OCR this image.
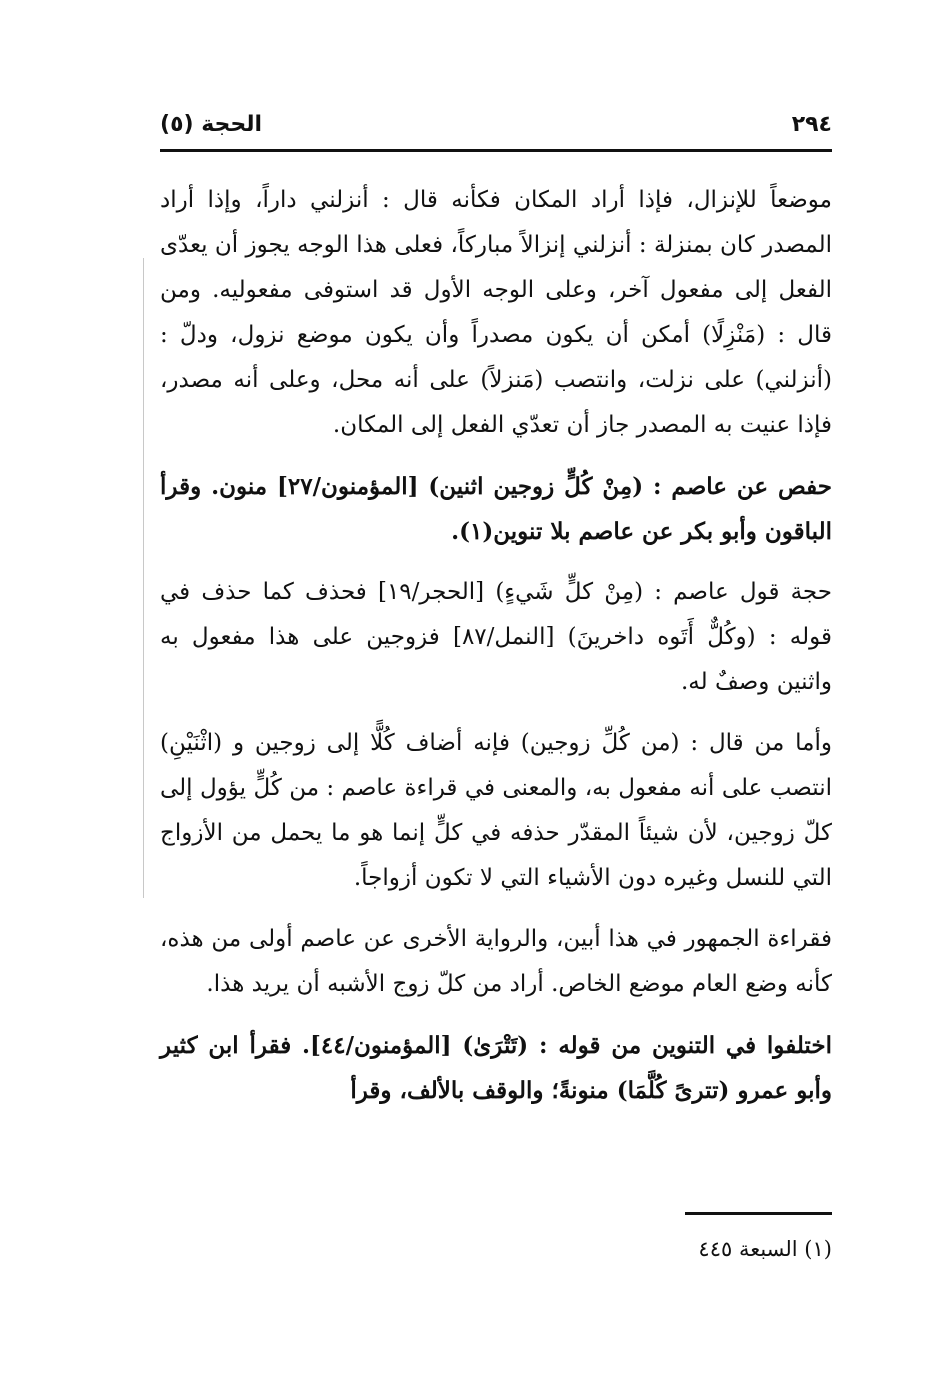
٢٩٤
الحجة (٥)

موضعاً للإنزال، فإذا أراد المكان فكأنه قال : أنزلني داراً، وإذا أراد المصدر كان بمنزلة : أنزلني إنزالاً مباركاً، فعلى هذا الوجه يجوز أن يعدّى الفعل إلى مفعول آخر، وعلى الوجه الأول قد استوفى مفعوليه. ومن قال : (مَنْزِلًا) أمكن أن يكون مصدراً وأن يكون موضع نزول، ودلّ : (أنزلني) على نزلت، وانتصب (مَنزلاً) على أنه محل، وعلى أنه مصدر، فإذا عنيت به المصدر جاز أن تعدّي الفعل إلى المكان.

حفص عن عاصم : (مِنْ كُلٍّ زوجين اثنين) [المؤمنون/٢٧] منون. وقرأ الباقون وأبو بكر عن عاصم بلا تنوين(١).

حجة قول عاصم : (مِنْ كلٍّ شَيءٍ) [الحجر/١٩] فحذف كما حذف في قوله : (وكُلٌّ أَتَوه داخرينَ) [النمل/٨٧] فزوجين على هذا مفعول به واثنين وصفٌ له.

وأما من قال : (من كُلِّ زوجين) فإنه أضاف كُلًّا إلى زوجين و (اثْنَيْنِ) انتصب على أنه مفعول به، والمعنى في قراءة عاصم : من كُلٍّ يؤول إلى كلّ زوجين، لأن شيئاً المقدّر حذفه في كلٍّ إنما هو ما يحمل من الأزواج التي للنسل وغيره دون الأشياء التي لا تكون أزواجاً.

فقراءة الجمهور في هذا أبين، والرواية الأخرى عن عاصم أولى من هذه، كأنه وضع العام موضع الخاص. أراد من كلّ زوج الأشبه أن يريد هذا.

اختلفوا في التنوين من قوله : (تَتْرَىٰ) [المؤمنون/٤٤]. فقرأ ابن كثير وأبو عمرو (تترىً كُلَّمَا) منونةً؛ والوقف بالألف، وقرأ

(١) السبعة ٤٤٥
